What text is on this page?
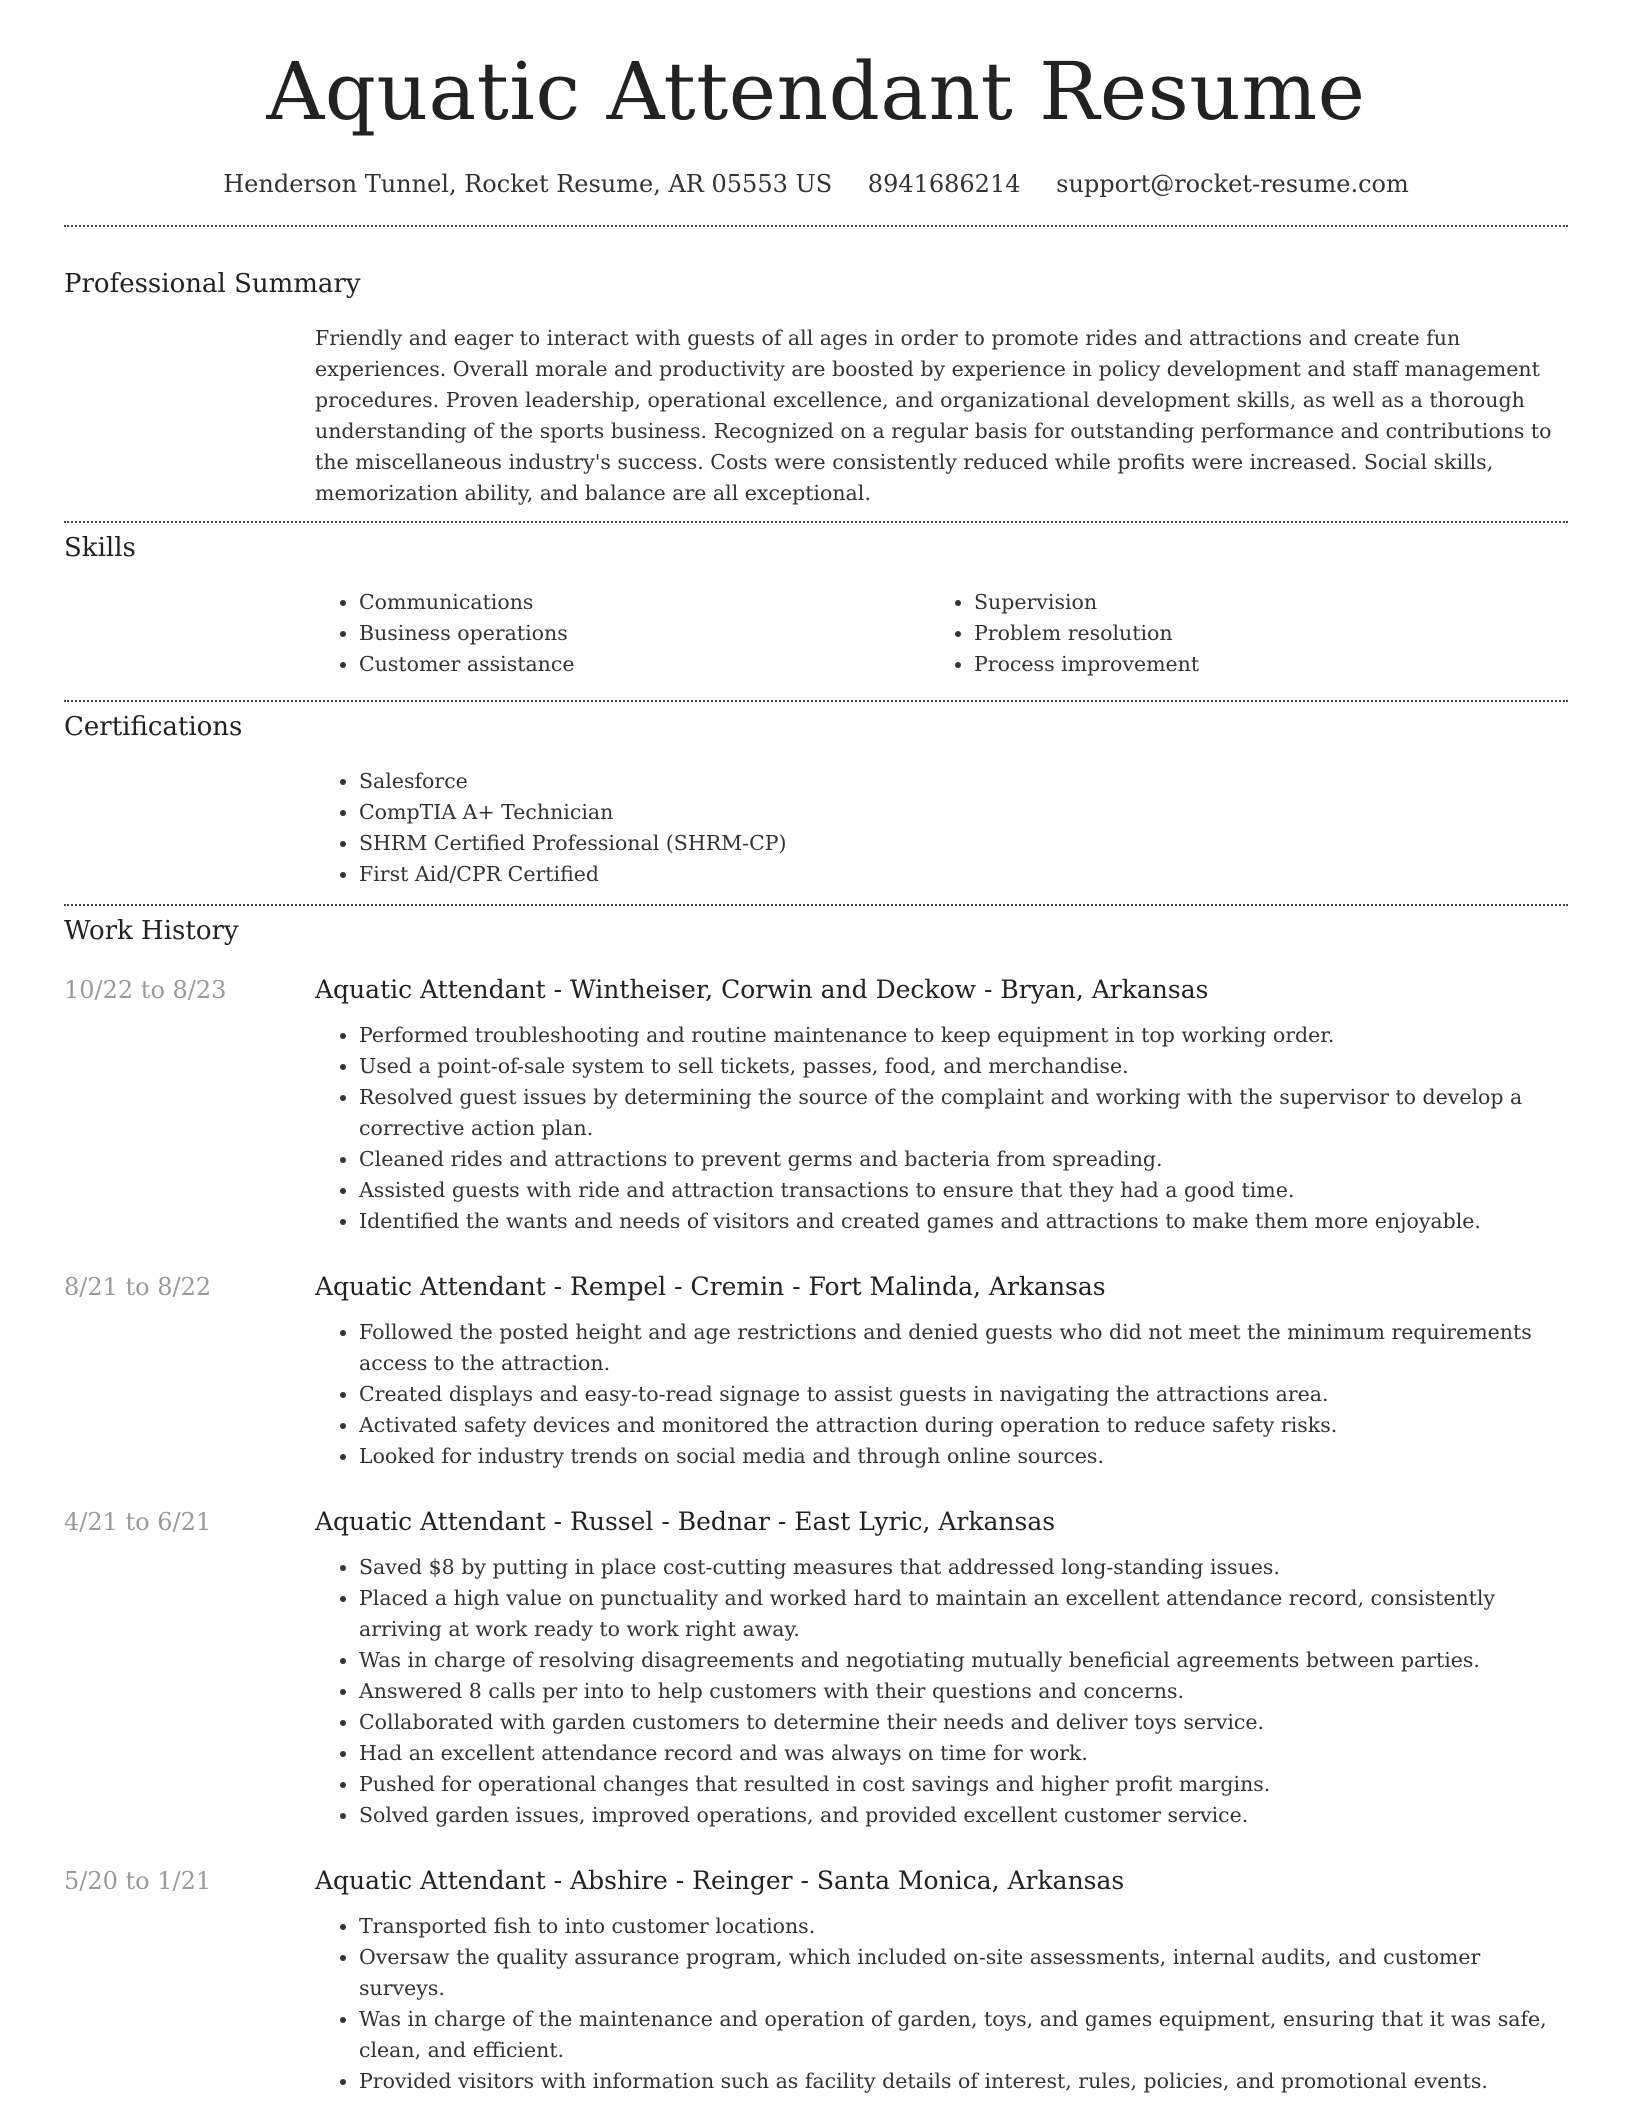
Aquatic Attendant Resume
Henderson Tunnel, Rocket Resume, AR 05553 US 8941686214 support@rocket-resume.com
Professional Summary

Friendly and eager to interact with guests of all ages in order to promote rides and attractions and create fun experiences. Overall morale and productivity are boosted by experience in policy development and staff management procedures. Proven leadership, operational excellence, and organizational development skills, as well as a thorough understanding of the sports business. Recognized on a regular basis for outstanding performance and contributions to the miscellaneous industry's success. Costs were consistently reduced while profits were increased. Social skills, memorization ability, and balance are all exceptional.

Skills
• Communications
• Business operations
• Customer assistance
• Supervision
• Problem resolution
• Process improvement
Certifications
• Salesforce
• CompTIA A+ Technician
• SHRM Certified Professional (SHRM-CP)
• First Aid/CPR Certified
Work History
10/22 to 8/23	Aquatic Attendant - Wintheiser, Corwin and Deckow - Bryan, Arkansas
• Performed troubleshooting and routine maintenance to keep equipment in top working order.
• Used a point-of-sale system to sell tickets, passes, food, and merchandise.
• Resolved guest issues by determining the source of the complaint and working with the supervisor to develop a corrective action plan.
• Cleaned rides and attractions to prevent germs and bacteria from spreading.
• Assisted guests with ride and attraction transactions to ensure that they had a good time.
• Identified the wants and needs of visitors and created games and attractions to make them more enjoyable.
8/21 to 8/22	Aquatic Attendant - Rempel - Cremin - Fort Malinda, Arkansas
• Followed the posted height and age restrictions and denied guests who did not meet the minimum requirements access to the attraction.
• Created displays and easy-to-read signage to assist guests in navigating the attractions area.
• Activated safety devices and monitored the attraction during operation to reduce safety risks.
• Looked for industry trends on social media and through online sources.
4/21 to 6/21	Aquatic Attendant - Russel - Bednar - East Lyric, Arkansas
• Saved $8 by putting in place cost-cutting measures that addressed long-standing issues.
• Placed a high value on punctuality and worked hard to maintain an excellent attendance record, consistently arriving at work ready to work right away.
• Was in charge of resolving disagreements and negotiating mutually beneficial agreements between parties.
• Answered 8 calls per into to help customers with their questions and concerns.
• Collaborated with garden customers to determine their needs and deliver toys service.
• Had an excellent attendance record and was always on time for work.
• Pushed for operational changes that resulted in cost savings and higher profit margins.
• Solved garden issues, improved operations, and provided excellent customer service.
5/20 to 1/21	Aquatic Attendant - Abshire - Reinger - Santa Monica, Arkansas
• Transported fish to into customer locations.
• Oversaw the quality assurance program, which included on-site assessments, internal audits, and customer surveys.
• Was in charge of the maintenance and operation of garden, toys, and games equipment, ensuring that it was safe, clean, and efficient.
• Provided visitors with information such as facility details of interest, rules, policies, and promotional events.
